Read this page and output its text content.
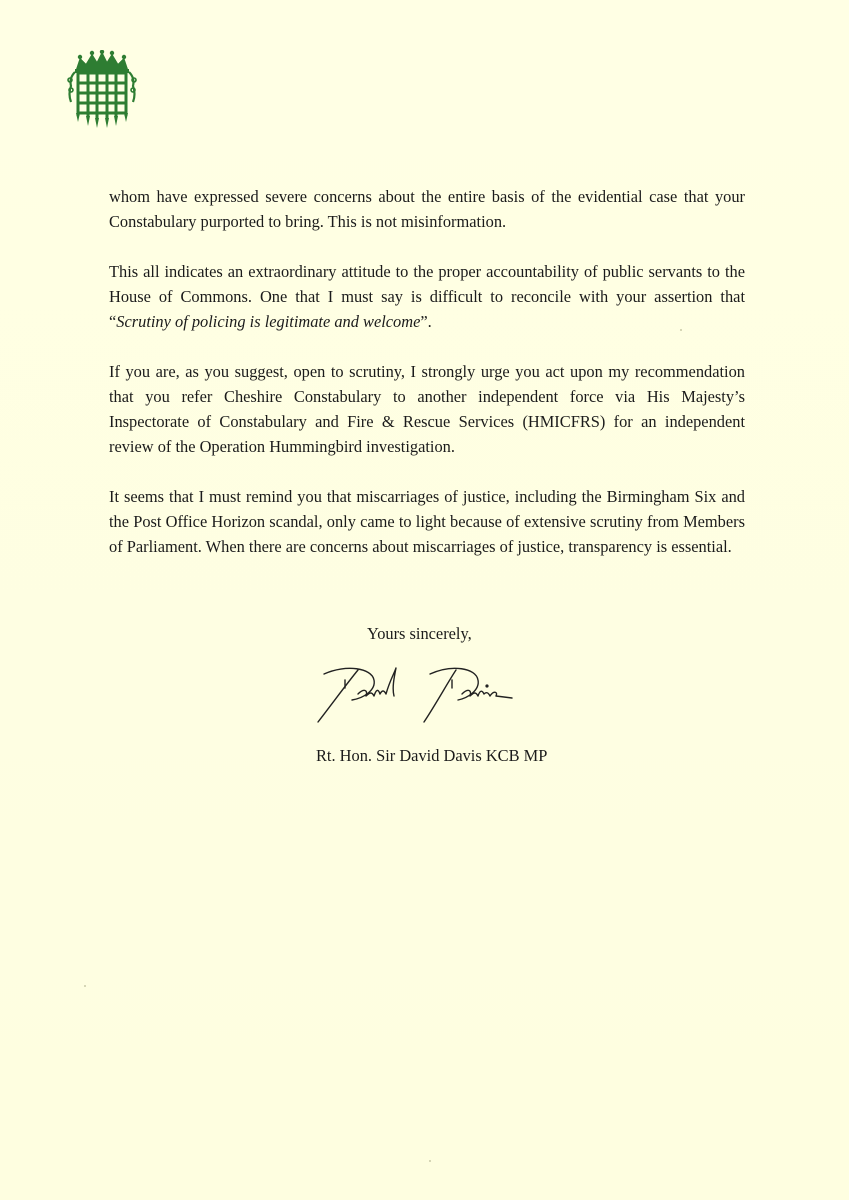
whom have expressed severe concerns about the entire basis of the evidential case that your Constabulary purported to bring. This is not misinformation.

This all indicates an extraordinary attitude to the proper accountability of public servants to the House of Commons. One that I must say is difficult to reconcile with your assertion that “Scrutiny of policing is legitimate and welcome”.

If you are, as you suggest, open to scrutiny, I strongly urge you act upon my recommendation that you refer Cheshire Constabulary to another independent force via His Majesty’s Inspectorate of Constabulary and Fire & Rescue Services (HMICFRS) for an independent review of the Operation Hummingbird investigation.

It seems that I must remind you that miscarriages of justice, including the Birmingham Six and the Post Office Horizon scandal, only came to light because of extensive scrutiny from Members of Parliament. When there are concerns about miscarriages of justice, transparency is essential.

Yours sincerely,
Rt. Hon. Sir David Davis KCB MP
